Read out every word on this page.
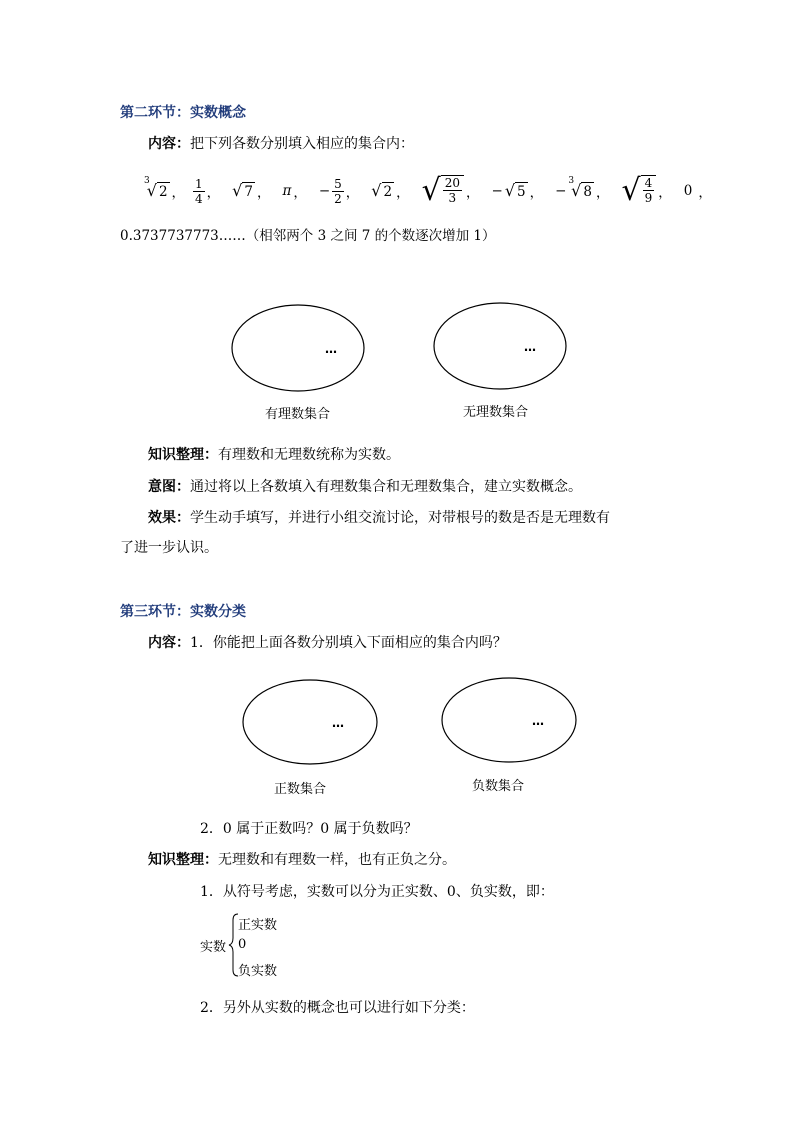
第二环节：实数概念
内容：把下列各数分别填入相应的集合内：
3
√ 2 ， $\frac{1}{4}$ ， √ 7 ， π ， − $\frac{5}{2}$ ， √ 2 ， √ $\frac{20}{3}$ ， − √ 5 ， −
3
√ 8 ， √ $\frac{4}{9}$ ， 0 ，
0.3737737773……（相邻两个 3 之间 7 的个数逐次增加 1）
…	…
有理数集合	无理数集合
知识整理：有理数和无理数统称为实数。
意图：通过将以上各数填入有理数集合和无理数集合，建立实数概念。
效果：学生动手填写，并进行小组交流讨论，对带根号的数是否是无理数有
了进一步认识。
第三环节：实数分类
内容：1．你能把上面各数分别填入下面相应的集合内吗？
…	…
正数集合	负数集合
2．0 属于正数吗？0 属于负数吗？
知识整理：无理数和有理数一样，也有正负之分。
1．从符号考虑，实数可以分为正实数、0、负实数，即：
实数
正实数
0
负实数
2．另外从实数的概念也可以进行如下分类：
